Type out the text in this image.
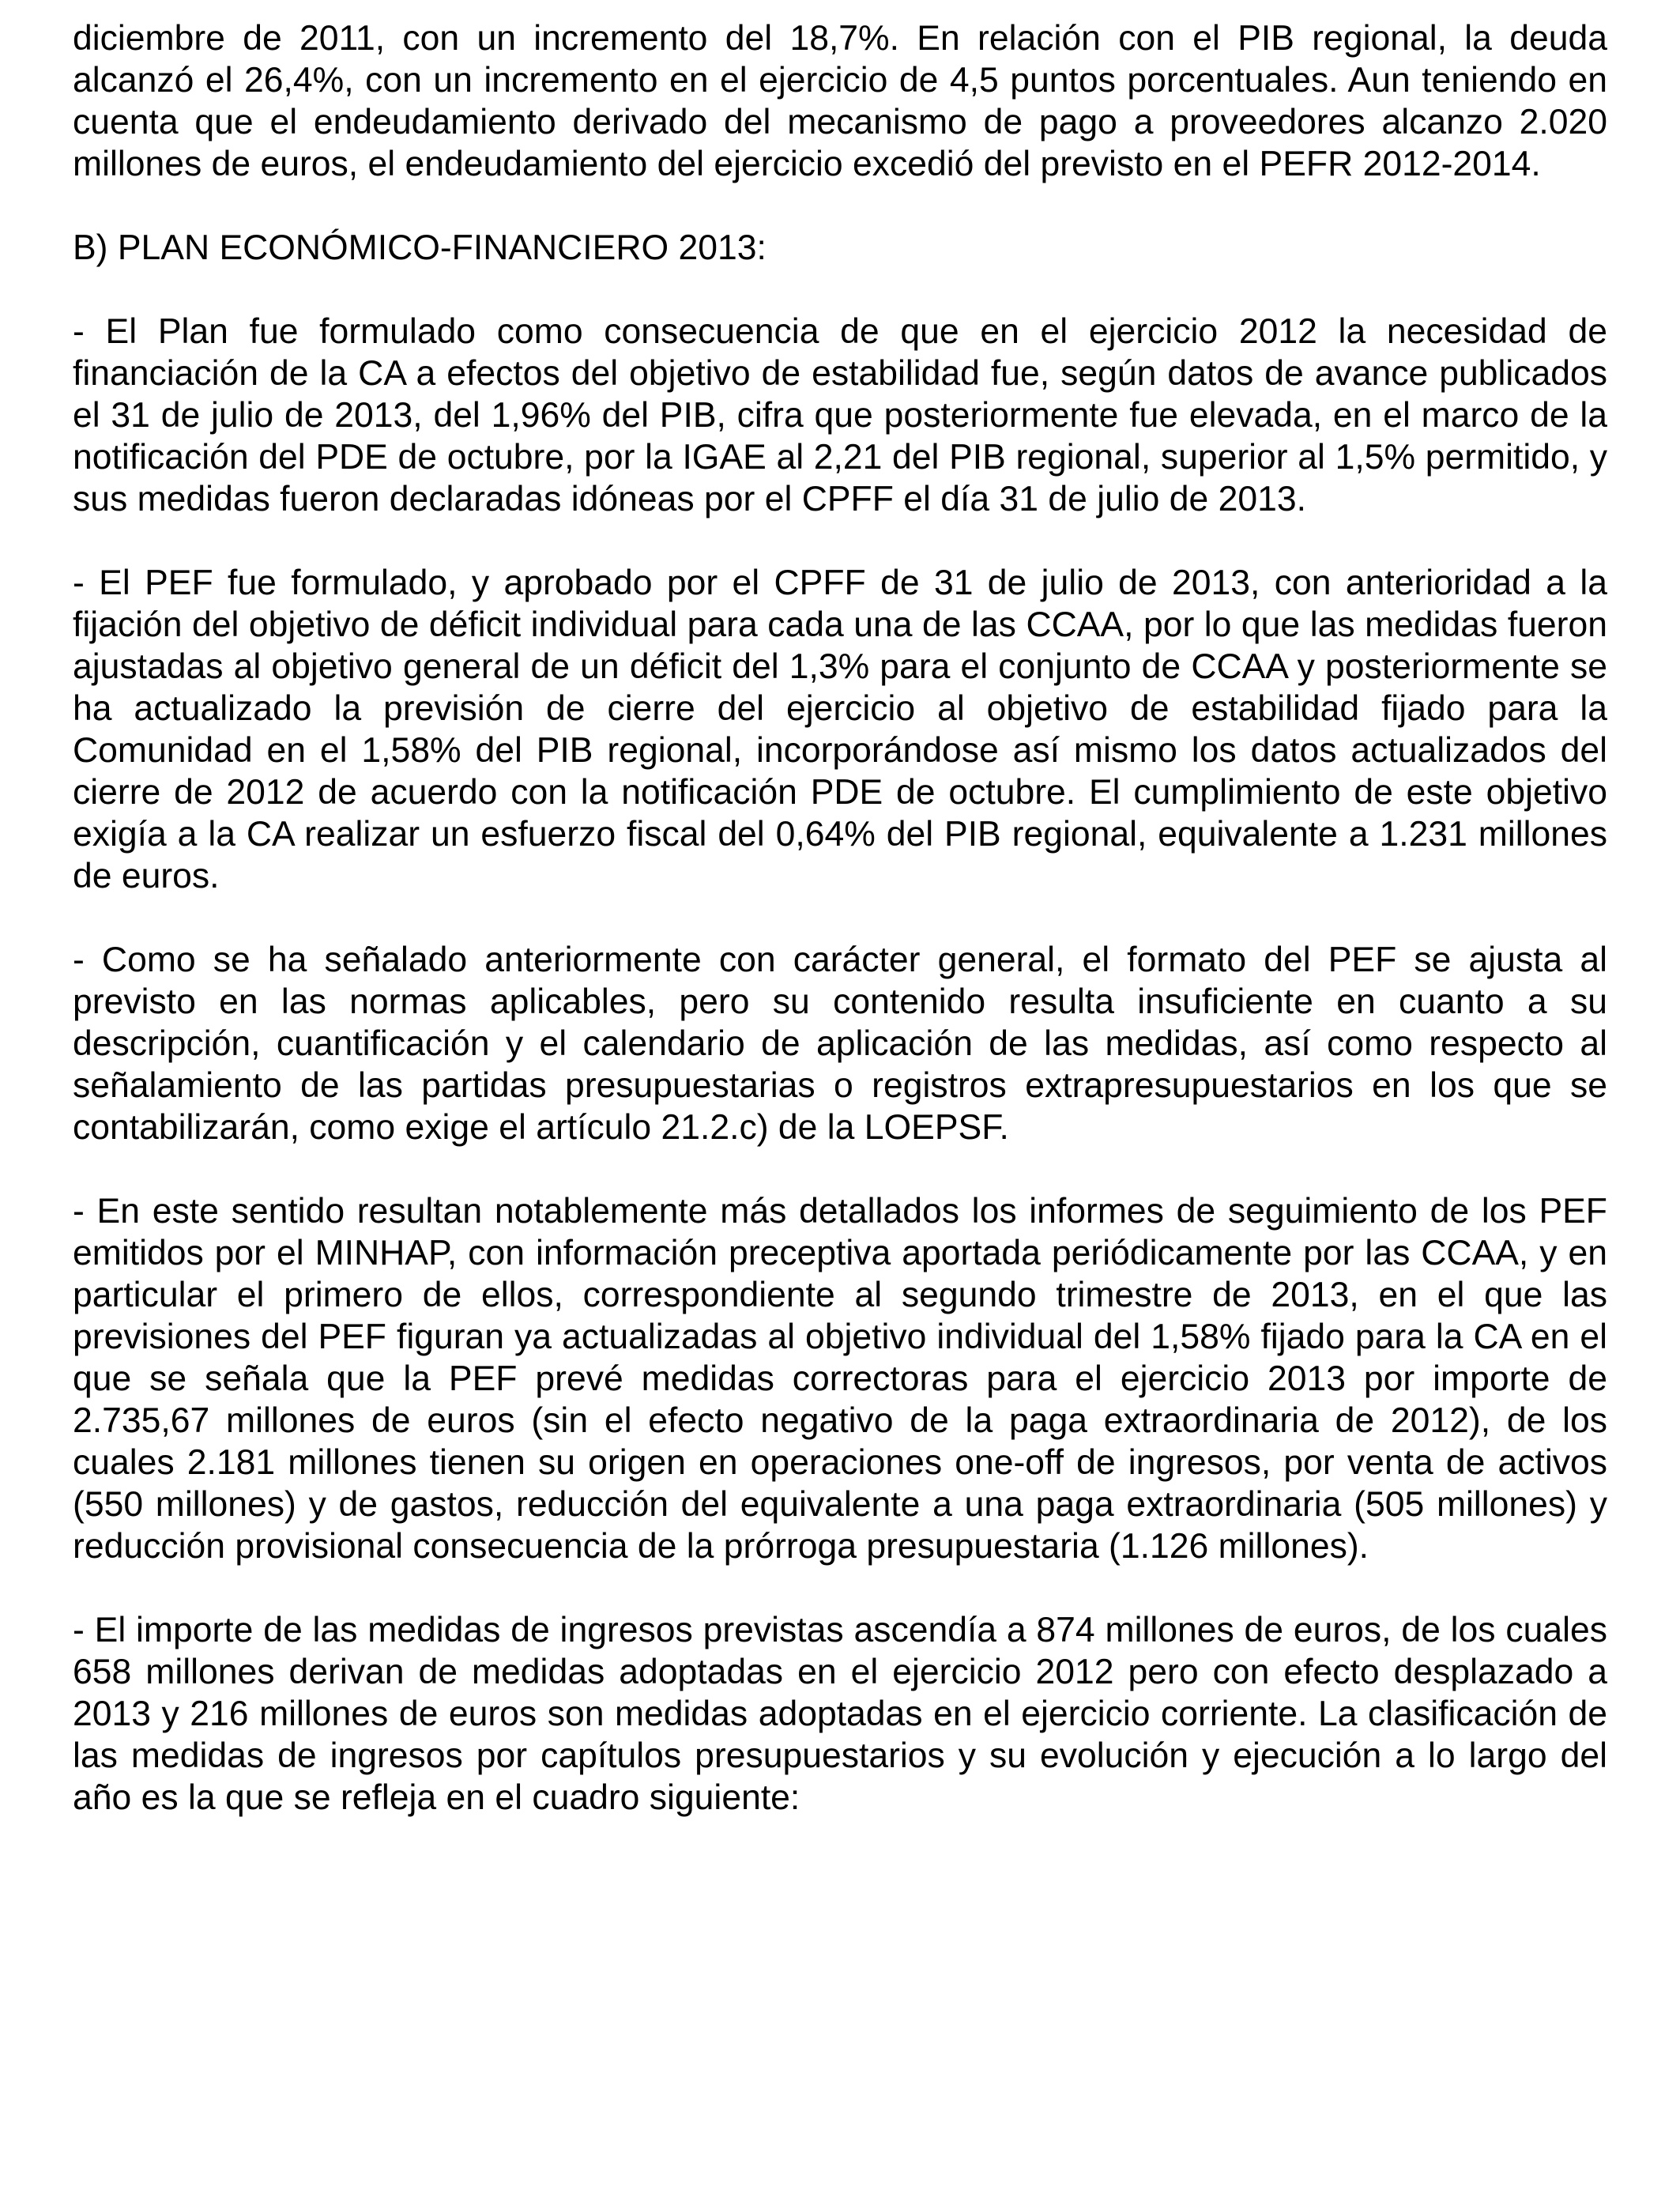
diciembre de 2011, con un incremento del 18,7%. En relación con el PIB regional, la deuda alcanzó el 26,4%, con un incremento en el ejercicio de 4,5 puntos porcentuales. Aun teniendo en cuenta que el endeudamiento derivado del mecanismo de pago a proveedores alcanzo 2.020 millones de euros, el endeudamiento del ejercicio excedió del previsto en el PEFR 2012-2014.

B) PLAN ECONÓMICO-FINANCIERO 2013:

- El Plan fue formulado como consecuencia de que en el ejercicio 2012 la necesidad de financiación de la CA a efectos del objetivo de estabilidad fue, según datos de avance publicados el 31 de julio de 2013, del 1,96% del PIB, cifra que posteriormente fue elevada, en el marco de la notificación del PDE de octubre, por la IGAE al 2,21 del PIB regional, superior al 1,5% permitido, y sus medidas fueron declaradas idóneas por el CPFF el día 31 de julio de 2013.

- El PEF fue formulado, y aprobado por el CPFF de 31 de julio de 2013, con anterioridad a la fijación del objetivo de déficit individual para cada una de las CCAA, por lo que las medidas fueron ajustadas al objetivo general de un déficit del 1,3% para el conjunto de CCAA y posteriormente se ha actualizado la previsión de cierre del ejercicio al objetivo de estabilidad fijado para la Comunidad en el 1,58% del PIB regional, incorporándose así mismo los datos actualizados del cierre de 2012 de acuerdo con la notificación PDE de octubre. El cumplimiento de este objetivo exigía a la CA realizar un esfuerzo fiscal del 0,64% del PIB regional, equivalente a 1.231 millones de euros.

- Como se ha señalado anteriormente con carácter general, el formato del PEF se ajusta al previsto en las normas aplicables, pero su contenido resulta insuficiente en cuanto a su descripción, cuantificación y el calendario de aplicación de las medidas, así como respecto al señalamiento de las partidas presupuestarias o registros extrapresupuestarios en los que se contabilizarán, como exige el artículo 21.2.c) de la LOEPSF.

- En este sentido resultan notablemente más detallados los informes de seguimiento de los PEF emitidos por el MINHAP, con información preceptiva aportada periódicamente por las CCAA, y en particular el primero de ellos, correspondiente al segundo trimestre de 2013, en el que las previsiones del PEF figuran ya actualizadas al objetivo individual del 1,58% fijado para la CA en el que se señala que la PEF prevé medidas correctoras para el ejercicio 2013 por importe de 2.735,67 millones de euros (sin el efecto negativo de la paga extraordinaria de 2012), de los cuales 2.181 millones tienen su origen en operaciones one-off de ingresos, por venta de activos (550 millones) y de gastos, reducción del equivalente a una paga extraordinaria (505 millones) y reducción provisional consecuencia de la prórroga presupuestaria (1.126 millones).

- El importe de las medidas de ingresos previstas ascendía a 874 millones de euros, de los cuales 658 millones derivan de medidas adoptadas en el ejercicio 2012 pero con efecto desplazado a 2013 y 216 millones de euros son medidas adoptadas en el ejercicio corriente. La clasificación de las medidas de ingresos por capítulos presupuestarios y su evolución y ejecución a lo largo del año es la que se refleja en el cuadro siguiente:
